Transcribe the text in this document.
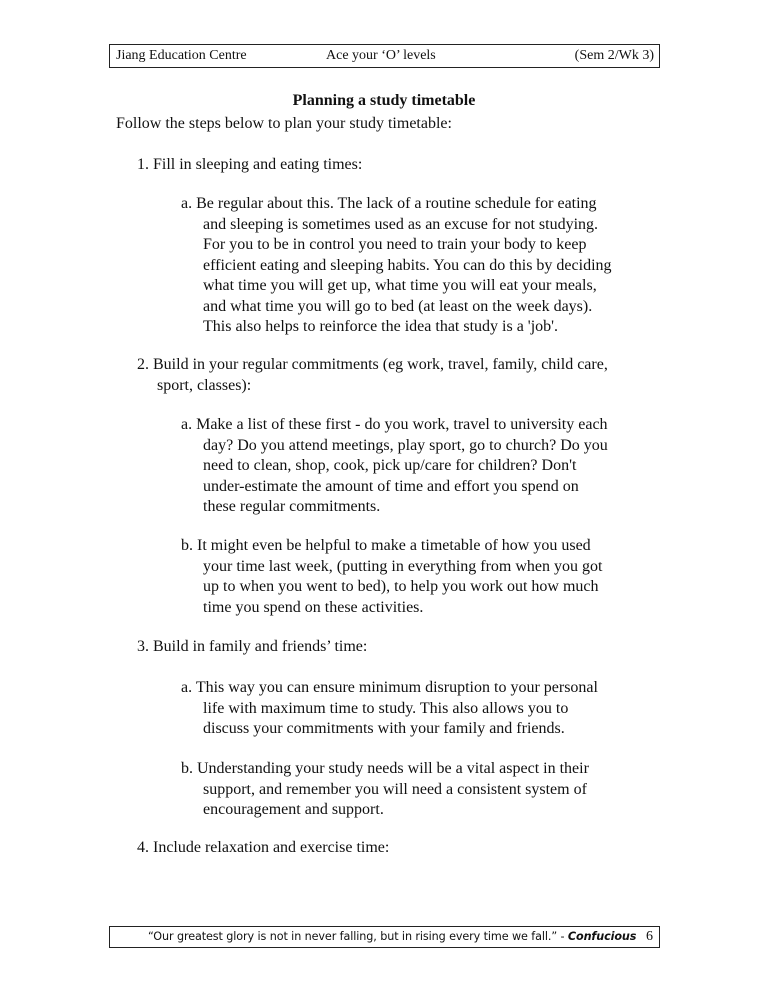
Jiang Education Centre	Ace your ‘O’ levels	(Sem 2/Wk 3)
Planning a study timetable
Follow the steps below to plan your study timetable:
1. Fill in sleeping and eating times:
a. Be regular about this. The lack of a routine schedule for eating
and sleeping is sometimes used as an excuse for not studying.
For you to be in control you need to train your body to keep
efficient eating and sleeping habits. You can do this by deciding
what time you will get up, what time you will eat your meals,
and what time you will go to bed (at least on the week days).
This also helps to reinforce the idea that study is a 'job'.
2. Build in your regular commitments (eg work, travel, family, child care,
sport, classes):
a. Make a list of these first - do you work, travel to university each
day? Do you attend meetings, play sport, go to church? Do you
need to clean, shop, cook, pick up/care for children? Don't
under-estimate the amount of time and effort you spend on
these regular commitments.
b. It might even be helpful to make a timetable of how you used
your time last week, (putting in everything from when you got
up to when you went to bed), to help you work out how much
time you spend on these activities.
3. Build in family and friends’ time:
a. This way you can ensure minimum disruption to your personal
life with maximum time to study. This also allows you to
discuss your commitments with your family and friends.
b. Understanding your study needs will be a vital aspect in their
support, and remember you will need a consistent system of
encouragement and support.
4. Include relaxation and exercise time:
“Our greatest glory is not in never falling, but in rising every time we fall.” - Confucious 6
